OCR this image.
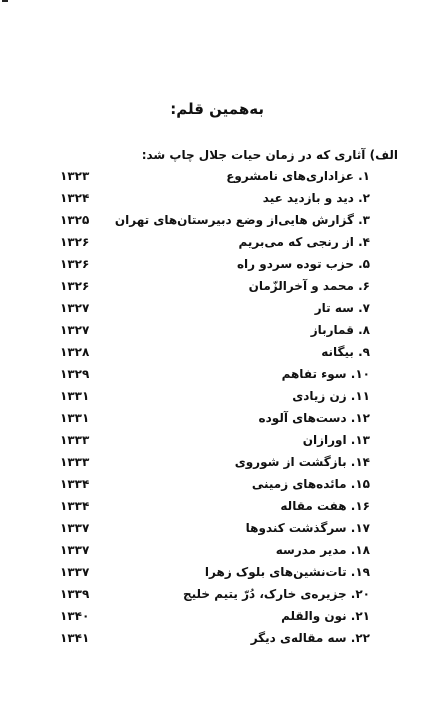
به‌همین قلم:
الف) آثاری که در زمان حیات جلال چاپ شد:
۱. عزاداری‌های نامشروع
۱۳۲۳
۲. دید و بازدید عید
۱۳۲۴
۳. گزارش هایی‌از وضع دبیرستان‌های تهران
۱۳۲۵
۴. از رنجی که می‌بریم
۱۳۲۶
۵. حزب توده سردو راه
۱۳۲۶
۶. محمد و آخرالزّمان
۱۳۲۶
۷. سه تار
۱۳۲۷
۸. قمارباز
۱۳۲۷
۹. بیگانه
۱۳۲۸
۱۰. سوء تفاهم
۱۳۲۹
۱۱. زن زیادی
۱۳۳۱
۱۲. دست‌های آلوده
۱۳۳۱
۱۳. اورازان
۱۳۳۳
۱۴. بازگشت از شوروی
۱۳۳۳
۱۵. مائده‌های زمینی
۱۳۳۴
۱۶. هفت مقاله
۱۳۳۴
۱۷. سرگذشت کندوها
۱۳۳۷
۱۸. مدیر مدرسه
۱۳۳۷
۱۹. تات‌نشین‌های بلوک زهرا
۱۳۳۷
۲۰. جزیره‌ی خارک، دُرّ یتیم خلیج
۱۳۳۹
۲۱. نون والقلم
۱۳۴۰
۲۲. سه مقاله‌ی دیگر
۱۳۴۱
